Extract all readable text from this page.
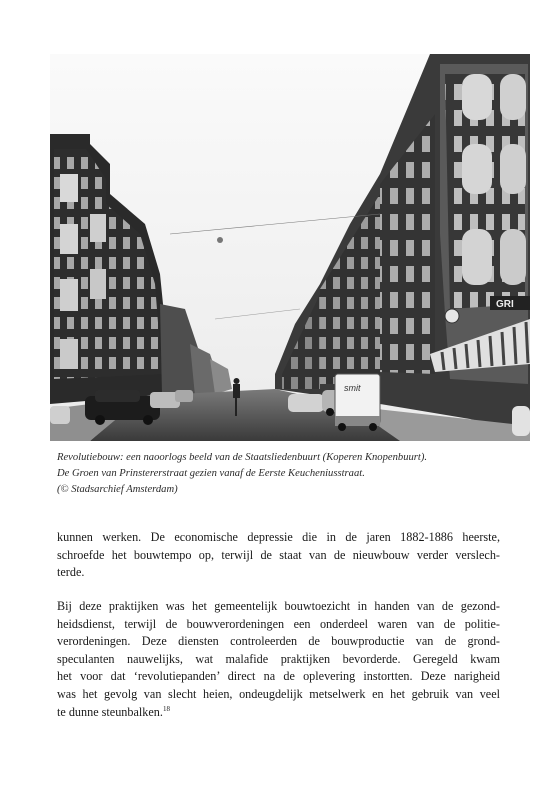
GRI
smit
Revolutiebouw: een naoorlogs beeld van de Staatsliedenbuurt (Koperen Knopenbuurt).
De Groen van Prinstererstraat gezien vanaf de Eerste Keucheniusstraat.
(© Stadsarchief Amsterdam)
kunnen werken. De economische depressie die in de jaren 1882-1886 heerste,
schroefde het bouwtempo op, terwijl de staat van de nieuwbouw verder verslech-
terde.
Bij deze praktijken was het gemeentelijk bouwtoezicht in handen van de gezond-
heidsdienst, terwijl de bouwverordeningen een onderdeel waren van de politie-
verordeningen. Deze diensten controleerden de bouwproductie van de grond-
speculanten nauwelijks, wat malafide praktijken bevorderde. Geregeld kwam
het voor dat ‘revolutiepanden’ direct na de oplevering instortten. Deze narigheid
was het gevolg van slecht heien, ondeugdelijk metselwerk en het gebruik van veel
te dunne steunbalken.$^{18}$
